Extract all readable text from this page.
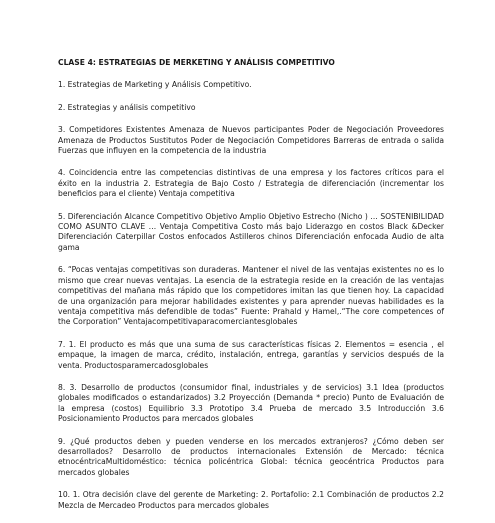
CLASE 4: ESTRATEGIAS DE MERKETING Y ANÁLISIS COMPETITIVO
1. Estrategias de Marketing y Análisis Competitivo.
2. Estrategias y análisis competitivo
3. Competidores Existentes Amenaza de Nuevos participantes Poder de Negociación Proveedores Amenaza de Productos Sustitutos Poder de Negociación Competidores Barreras de entrada o salida Fuerzas que influyen en la competencia de la industria
4. Coincidencia entre las competencias distintivas de una empresa y los factores críticos para el éxito en la industria 2. Estrategia de Bajo Costo / Estrategia de diferenciación (incrementar los beneficios para el cliente) Ventaja competitiva
5. Diferenciación Alcance Competitivo Objetivo Amplio Objetivo Estrecho (Nicho ) … SOSTENIBILIDAD COMO ASUNTO CLAVE … Ventaja Competitiva Costo más bajo Liderazgo en costos Black &Decker Diferenciación Caterpillar Costos enfocados Astilleros chinos Diferenciación enfocada Audio de alta gama
6. “Pocas ventajas competitivas son duraderas. Mantener el nivel de las ventajas existentes no es lo mismo que crear nuevas ventajas. La esencia de la estrategia reside en la creación de las ventajas competitivas del mañana más rápido que los competidores imitan las que tienen hoy. La capacidad de una organización para mejorar habilidades existentes y para aprender nuevas habilidades es la ventaja competitiva más defendible de todas” Fuente: Prahald y Hamel,.“The core competences of the Corporation” Ventajacompetitivaparacomerciantesglobales
7. 1. El producto es más que una suma de sus características físicas 2. Elementos = esencia , el empaque, la imagen de marca, crédito, instalación, entrega, garantías y servicios después de la venta. Productosparamercadosglobales
8. 3. Desarrollo de productos (consumidor final, industriales y de servicios) 3.1 Idea (productos globales modificados o estandarizados) 3.2 Proyección (Demanda * precio) Punto de Evaluación de la empresa (costos) Equilibrio 3.3 Prototipo 3.4 Prueba de mercado 3.5 Introducción 3.6 Posicionamiento Productos para mercados globales
9. ¿Qué productos deben y pueden venderse en los mercados extranjeros? ¿Cómo deben ser desarrollados? Desarrollo de productos internacionales Extensión de Mercado: técnica etnocéntricaMultidoméstico: técnica policéntrica Global: técnica geocéntrica Productos para mercados globales
10. 1. Otra decisión clave del gerente de Marketing: 2. Portafolio: 2.1 Combinación de productos 2.2 Mezcla de Mercadeo Productos para mercados globales
